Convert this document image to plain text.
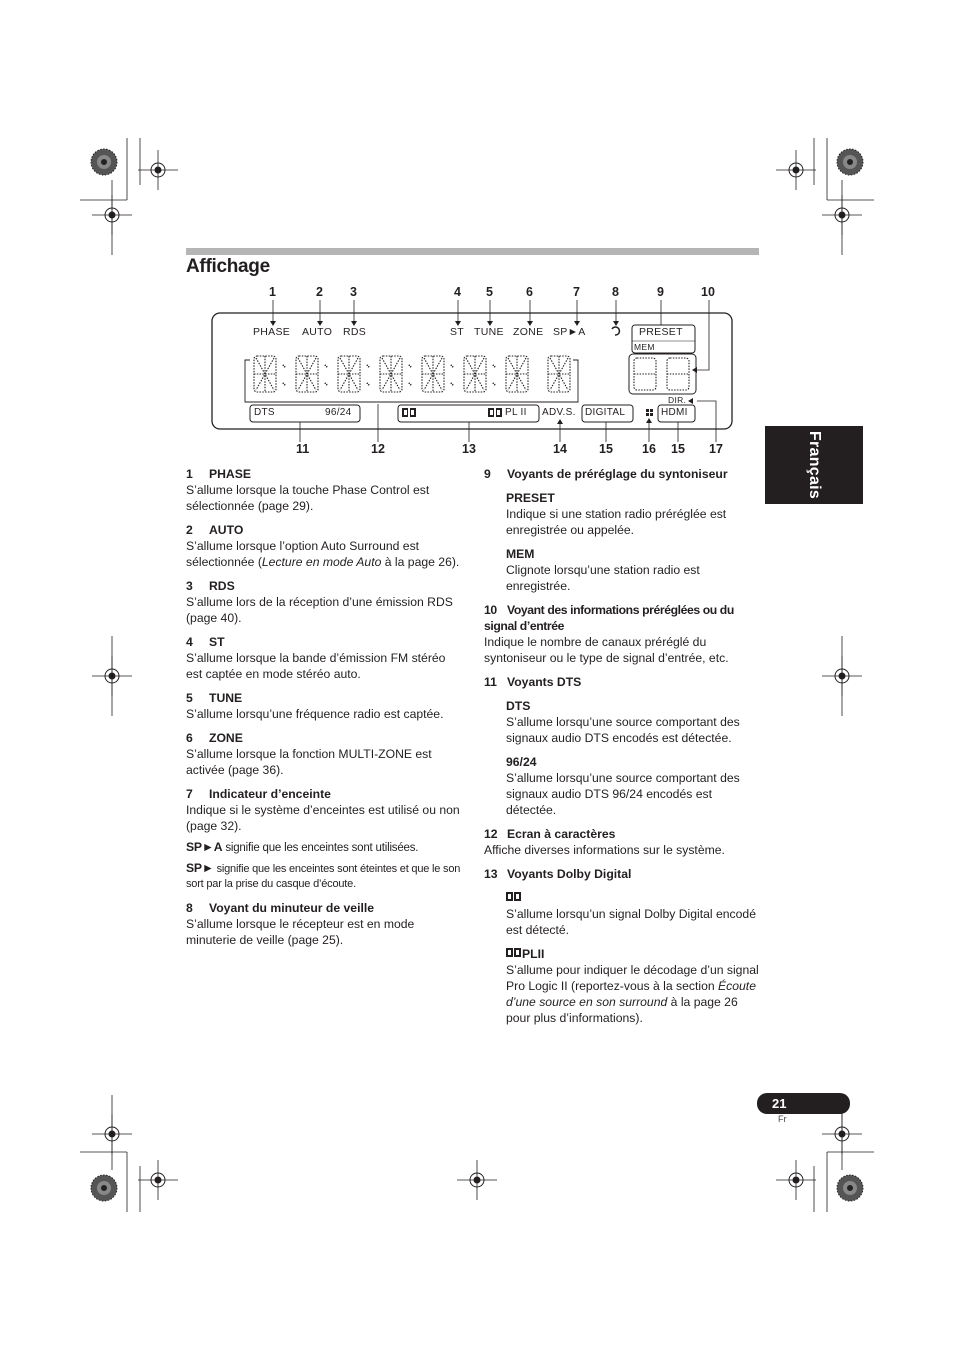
Affichage
Français
1	2 3	4 5	6	7	8	9	10
11	12	13	14	15 16 15 17
PHASE AUTO RDS	ST TUNE ZONE SP►A	PRESET
MEM
DTS	96/24	PL II ADV.S. DIGITAL	HDMI
DIR.
1 PHASE

S’allume lorsque la touche Phase Control est sélectionnée (page 29).

2 AUTO

S’allume lorsque l’option Auto Surround est sélectionnée (Lecture en mode Auto à la page 26).

3 RDS

S’allume lors de la réception d’une émission RDS (page 40).

4 ST

S’allume lorsque la bande d’émission FM stéréo est captée en mode stéréo auto.

5 TUNE

S’allume lorsqu’une fréquence radio est captée.

6 ZONE

S’allume lorsque la fonction MULTI-ZONE est activée (page 36).

7 Indicateur d’enceinte

Indique si le système d’enceintes est utilisé ou non (page 32).

SP►A signifie que les enceintes sont utilisées.

SP► signifie que les enceintes sont éteintes et que le son sort par la prise du casque d’écoute.

8 Voyant du minuteur de veille

S’allume lorsque le récepteur est en mode minuterie de veille (page 25).

9 Voyants de préréglage du syntoniseur
PRESET

Indique si une station radio préréglée est enregistrée ou appelée.

MEM

Clignote lorsqu’une station radio est enregistrée.

10 Voyant des informations préréglées ou du signal d’entrée

Indique le nombre de canaux préréglé du syntoniseur ou le type de signal d’entrée, etc.

11 Voyants DTS
DTS

S’allume lorsqu’une source comportant des signaux audio DTS encodés est détectée.

96/24

S’allume lorsqu’une source comportant des signaux audio DTS 96/24 encodés est détectée.

12 Ecran à caractères

Affiche diverses informations sur le système.

13 Voyants Dolby Digital

S’allume lorsqu’un signal Dolby Digital encodé est détecté.

PLII

S’allume pour indiquer le décodage d’un signal Pro Logic II (reportez-vous à la section Écoute d’une source en son surround à la page 26 pour plus d’informations).

21
Fr
